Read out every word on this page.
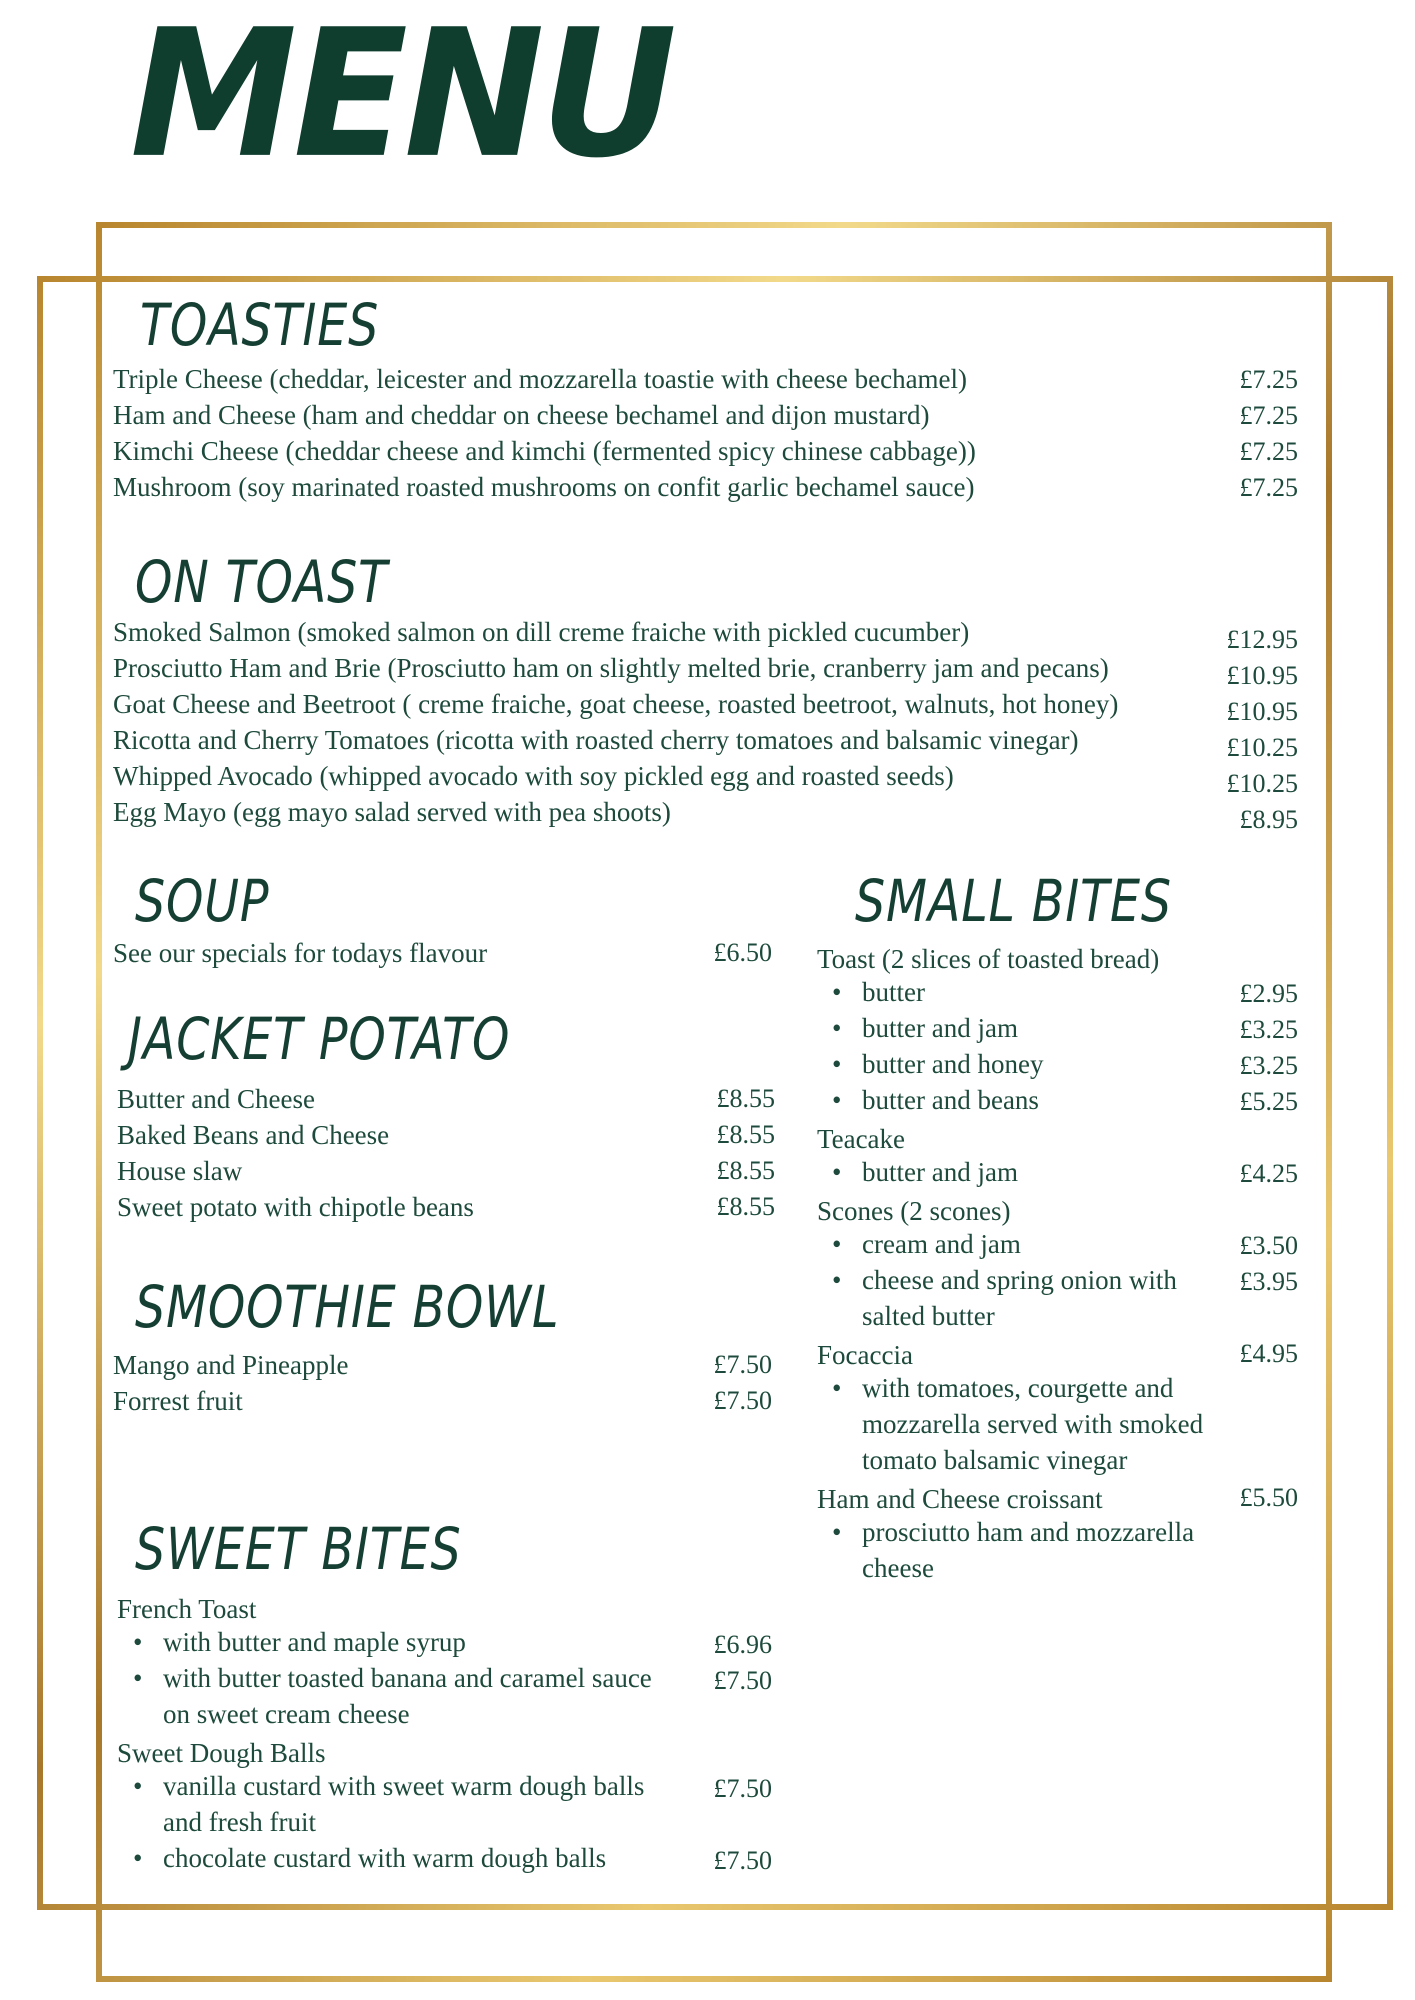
MENU
TOASTIES
Triple Cheese (cheddar, leicester and mozzarella toastie with cheese bechamel)	£7.25
Ham and Cheese (ham and cheddar on cheese bechamel and dijon mustard)	£7.25
Kimchi Cheese (cheddar cheese and kimchi (fermented spicy chinese cabbage))	£7.25
Mushroom (soy marinated roasted mushrooms on confit garlic bechamel sauce)	£7.25
ON TOAST
Smoked Salmon (smoked salmon on dill creme fraiche with pickled cucumber)	£12.95
Prosciutto Ham and Brie (Prosciutto ham on slightly melted brie, cranberry jam and pecans)	£10.95
Goat Cheese and Beetroot ( creme fraiche, goat cheese, roasted beetroot, walnuts, hot honey)	£10.95
Ricotta and Cherry Tomatoes (ricotta with roasted cherry tomatoes and balsamic vinegar)	£10.25
Whipped Avocado (whipped avocado with soy pickled egg and roasted seeds)	£10.25
Egg Mayo (egg mayo salad served with pea shoots)	£8.95
SOUP
See our specials for todays flavour	£6.50
JACKET POTATO
Butter and Cheese	£8.55
Baked Beans and Cheese	£8.55
House slaw	£8.55
Sweet potato with chipotle beans	£8.55
SMOOTHIE BOWL
Mango and Pineapple	£7.50
Forrest fruit	£7.50
SWEET BITES
French Toast
• with butter and maple syrup	£6.96
• with butter toasted banana and caramel sauce
on sweet cream cheese
£7.50
Sweet Dough Balls
• vanilla custard with sweet warm dough balls
and fresh fruit
£7.50
• chocolate custard with warm dough balls	£7.50
SMALL BITES
Toast (2 slices of toasted bread)
• butter	£2.95
• butter and jam	£3.25
• butter and honey	£3.25
• butter and beans	£5.25
Teacake
• butter and jam	£4.25
Scones (2 scones)
• cream and jam	£3.50
• cheese and spring onion with
salted butter
£3.95
Focaccia	£4.95
• with tomatoes, courgette and
mozzarella served with smoked
tomato balsamic vinegar
Ham and Cheese croissant	£5.50
• prosciutto ham and mozzarella
cheese
